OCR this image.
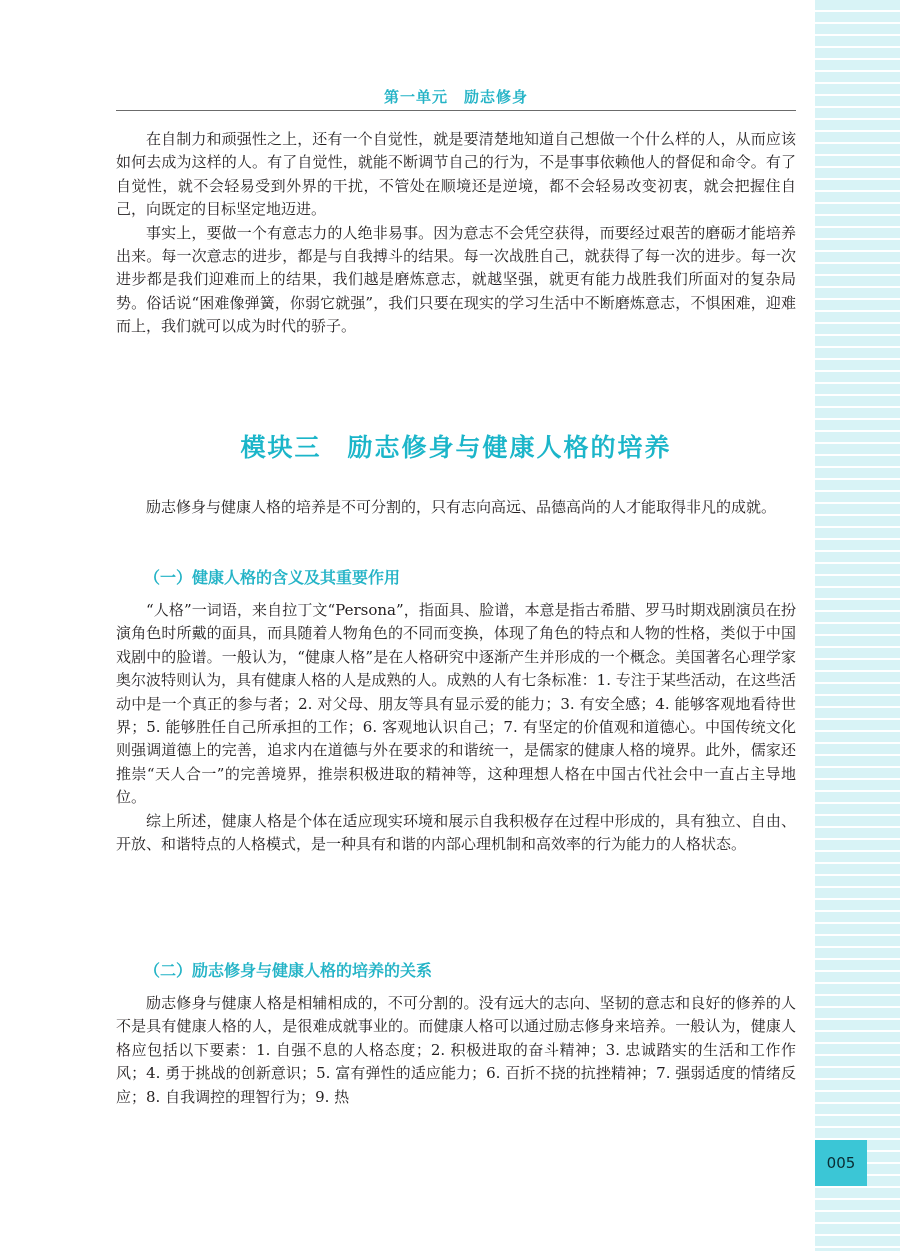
005
第一单元　励志修身

在自制力和顽强性之上，还有一个自觉性，就是要清楚地知道自己想做一个什么样的人，从而应该如何去成为这样的人。有了自觉性，就能不断调节自己的行为，不是事事依赖他人的督促和命令。有了自觉性，就不会轻易受到外界的干扰，不管处在顺境还是逆境，都不会轻易改变初衷，就会把握住自己，向既定的目标坚定地迈进。

事实上，要做一个有意志力的人绝非易事。因为意志不会凭空获得，而要经过艰苦的磨砺才能培养出来。每一次意志的进步，都是与自我搏斗的结果。每一次战胜自己，就获得了每一次的进步。每一次进步都是我们迎难而上的结果，我们越是磨炼意志，就越坚强，就更有能力战胜我们所面对的复杂局势。俗话说“困难像弹簧，你弱它就强”，我们只要在现实的学习生活中不断磨炼意志，不惧困难，迎难而上，我们就可以成为时代的骄子。

模块三 励志修身与健康人格的培养

励志修身与健康人格的培养是不可分割的，只有志向高远、品德高尚的人才能取得非凡的成就。

（一）健康人格的含义及其重要作用

“人格”一词语，来自拉丁文“Persona”，指面具、脸谱，本意是指古希腊、罗马时期戏剧演员在扮演角色时所戴的面具，而具随着人物角色的不同而变换，体现了角色的特点和人物的性格，类似于中国戏剧中的脸谱。一般认为，“健康人格”是在人格研究中逐渐产生并形成的一个概念。美国著名心理学家奥尔波特则认为，具有健康人格的人是成熟的人。成熟的人有七条标准：1. 专注于某些活动，在这些活动中是一个真正的参与者；2. 对父母、朋友等具有显示爱的能力；3. 有安全感；4. 能够客观地看待世界；5. 能够胜任自己所承担的工作；6. 客观地认识自己；7. 有坚定的价值观和道德心。中国传统文化则强调道德上的完善，追求内在道德与外在要求的和谐统一，是儒家的健康人格的境界。此外，儒家还推崇“天人合一”的完善境界，推崇积极进取的精神等，这种理想人格在中国古代社会中一直占主导地位。

综上所述，健康人格是个体在适应现实环境和展示自我积极存在过程中形成的，具有独立、自由、开放、和谐特点的人格模式，是一种具有和谐的内部心理机制和高效率的行为能力的人格状态。

（二）励志修身与健康人格的培养的关系

励志修身与健康人格是相辅相成的，不可分割的。没有远大的志向、坚韧的意志和良好的修养的人不是具有健康人格的人，是很难成就事业的。而健康人格可以通过励志修身来培养。一般认为，健康人格应包括以下要素：1. 自强不息的人格态度；2. 积极进取的奋斗精神；3. 忠诚踏实的生活和工作作风；4. 勇于挑战的创新意识；5. 富有弹性的适应能力；6. 百折不挠的抗挫精神；7. 强弱适度的情绪反应；8. 自我调控的理智行为；9. 热
